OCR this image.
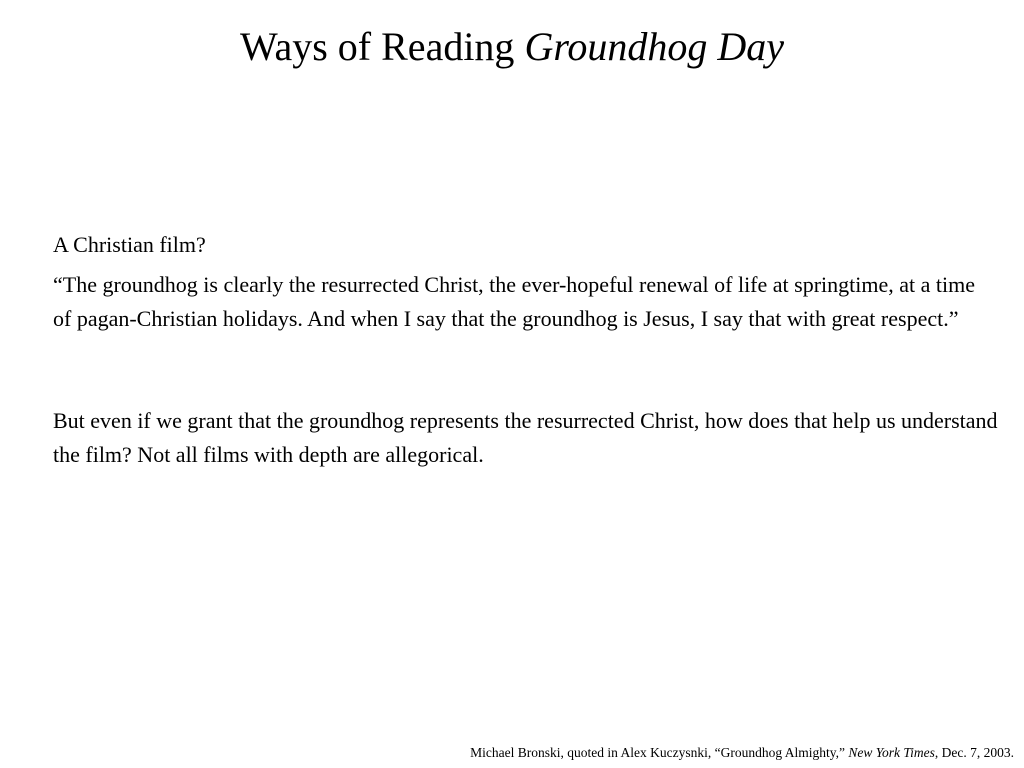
Ways of Reading Groundhog Day

A Christian film?

“The groundhog is clearly the resurrected Christ, the ever-hopeful renewal of life at springtime, at a time of pagan-Christian holidays. And when I say that the groundhog is Jesus, I say that with great respect.”

But even if we grant that the groundhog represents the resurrected Christ, how does that help us understand the film? Not all films with depth are allegorical.

Michael Bronski, quoted in Alex Kuczysnki, “Groundhog Almighty,” New York Times, Dec. 7, 2003.
